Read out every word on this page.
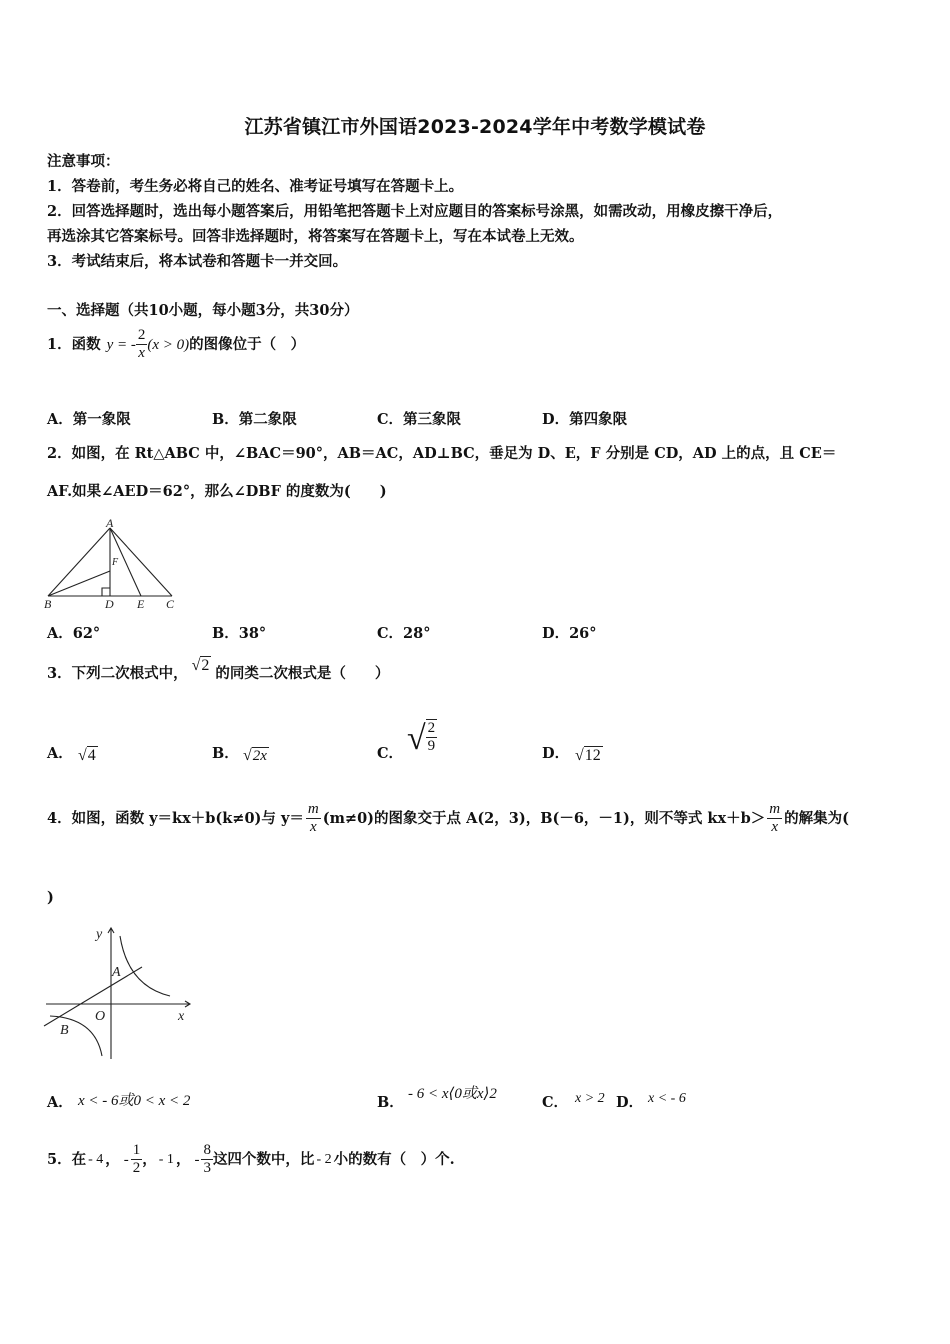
江苏省镇江市外国语2023-2024学年中考数学模试卷
注意事项：
1．答卷前，考生务必将自己的姓名、准考证号填写在答题卡上。
2．回答选择题时，选出每小题答案后，用铅笔把答题卡上对应题目的答案标号涂黑，如需改动，用橡皮擦干净后，
再选涂其它答案标号。回答非选择题时，将答案写在答题卡上，写在本试卷上无效。
3．考试结束后，将本试卷和答题卡一并交回。
一、选择题（共10小题，每小题3分，共30分）
1．函数 y = - $\frac{2}{x} (x > 0)$ 的图像位于（　）
A．第一象限	B．第二象限	C．第三象限	D．第四象限
2．如图，在 Rt△ABC 中，∠BAC＝90°，AB＝AC，AD⊥BC，垂足为 D、E，F 分别是 CD，AD 上的点，且 CE＝
AF.如果∠AED＝62°，那么∠DBF 的度数为(　　)
A
F
B	D E C
A．62°	B．38°	C．28°	D．26°
3．下列二次根式中， √2 的同类二次根式是（　　）
A． √4	B． √2x	C． √ $\frac{2}{9}$	D． √12
4．如图，函数 y＝kx＋b(k≠0)与 $y= \frac{m}{x} (m\ne 0)$的图象交于点 A(2，3)，B(－6，－1)，则不等式 $kx+b> \frac{m}{x}$ 的解集为(
)
y
A
O	x
B
A． x < - 6或0 < x < 2	B． - 6 < x⟨0或x⟩2	C． x > 2 D． x < - 6
5．在 - 4 ， - $\frac{1}{2}$ ， - 1 ， - $\frac{8}{3}$ 这四个数中，比 - 2 小的数有（　）个.
